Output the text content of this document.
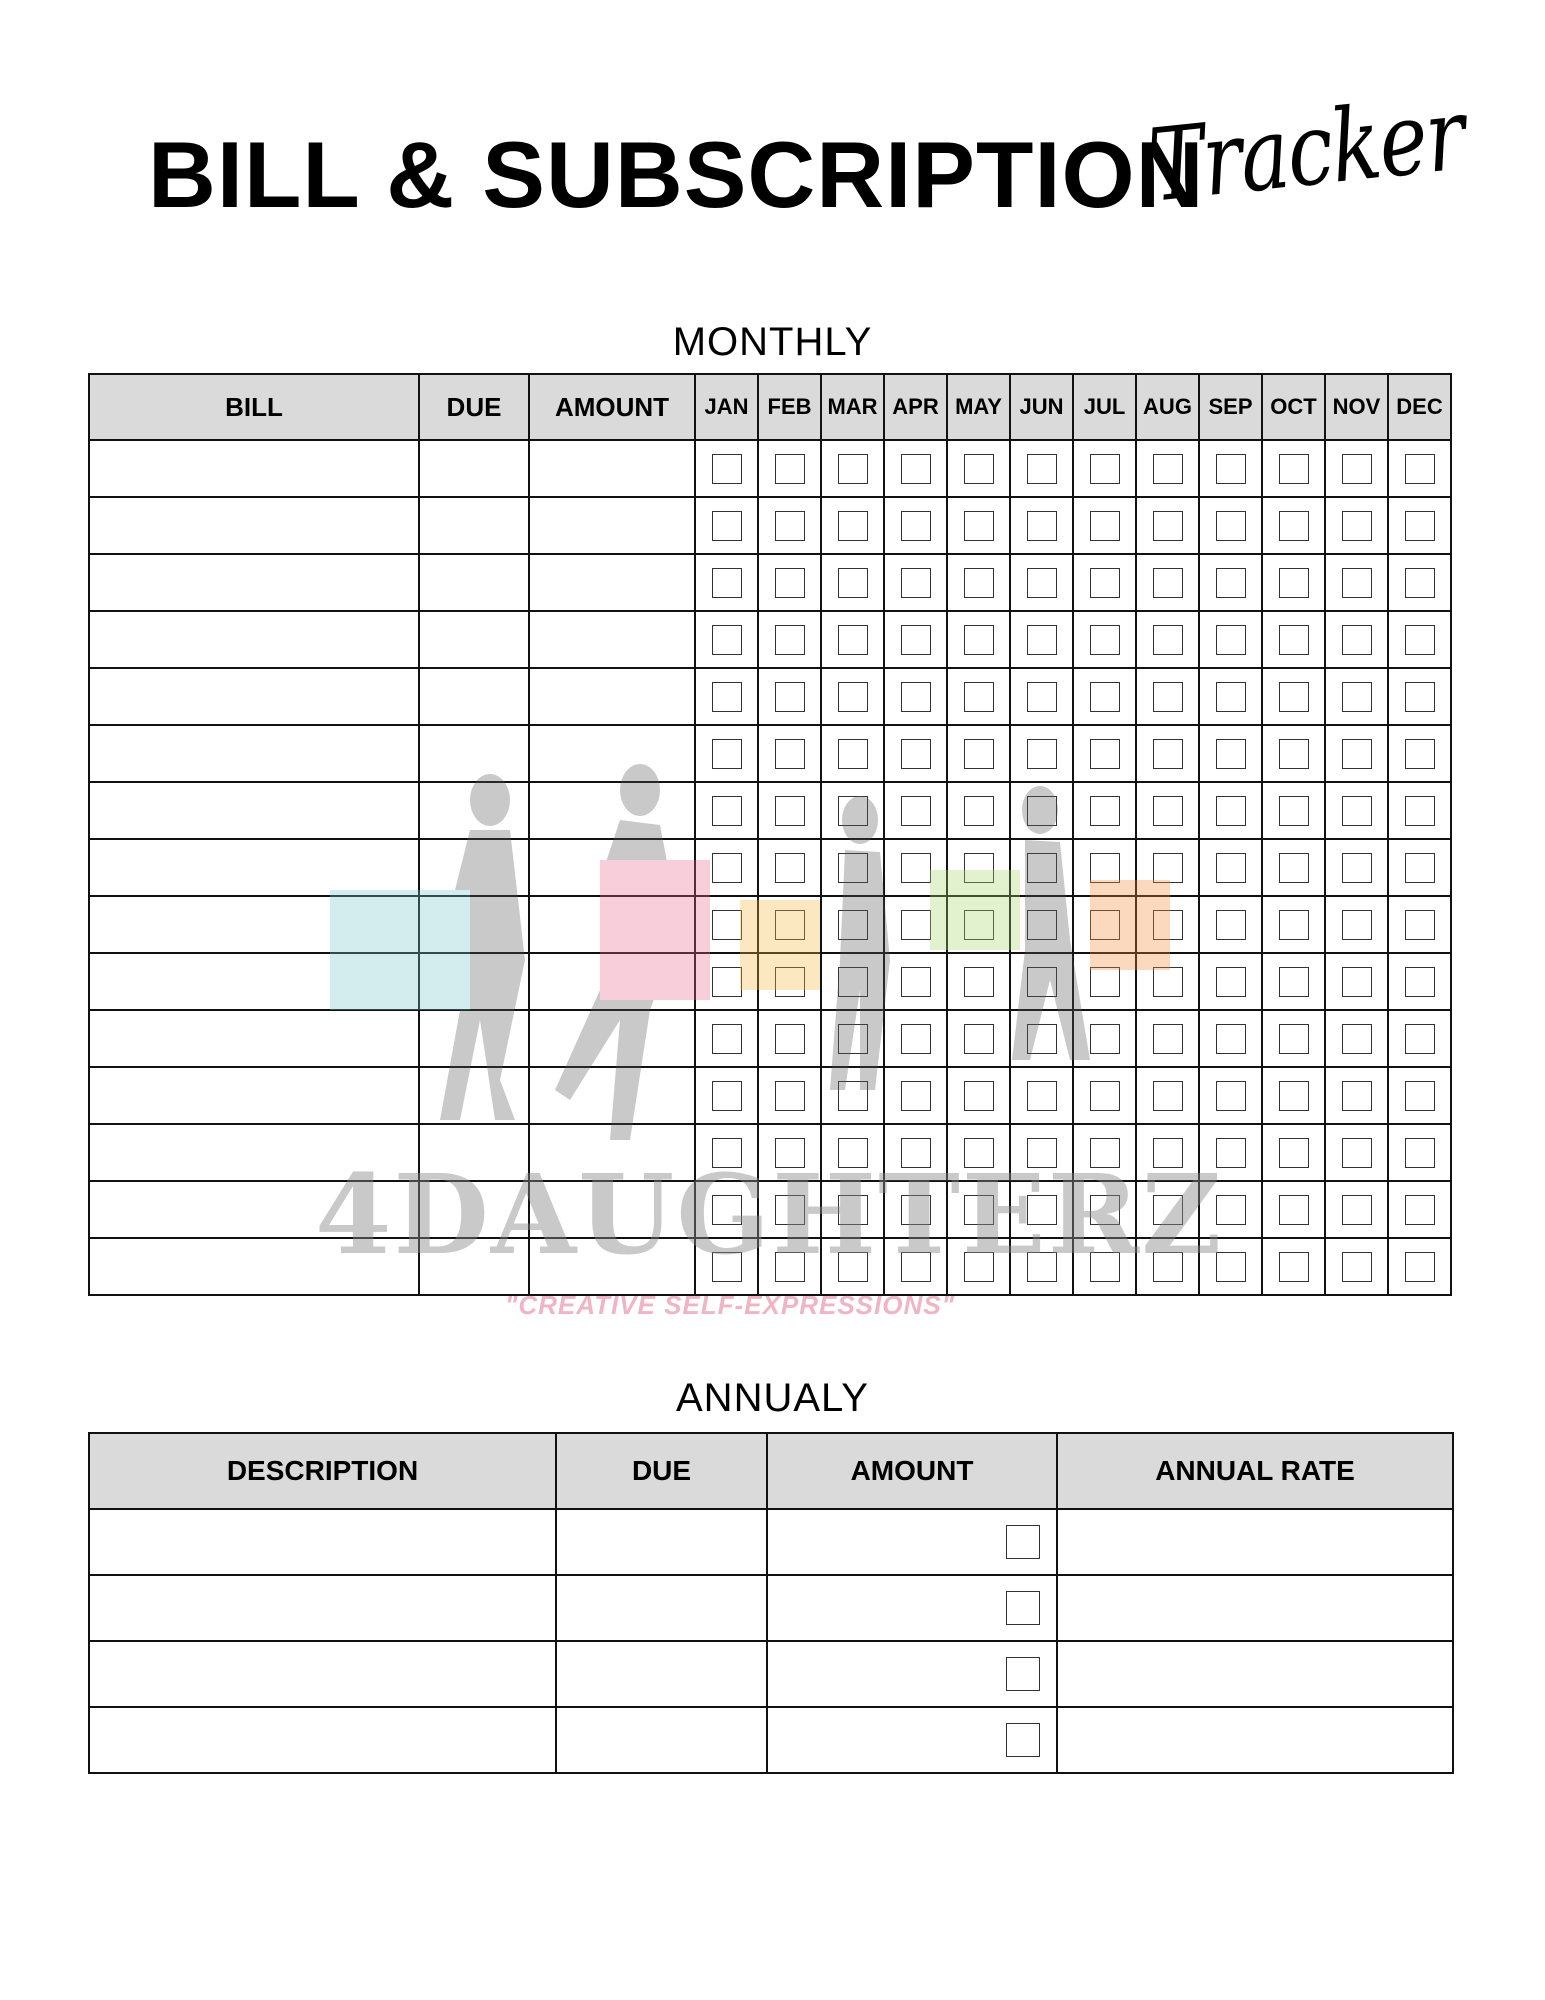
BILL & SUBSCRIPTION
Tracker
MONTHLY
BILL	DUE	AMOUNT	JAN	FEB	MAR	APR	MAY	JUN	JUL	AUG	SEP	OCT	NOV	DEC

ANNUALY
DESCRIPTION	DUE	AMOUNT	ANNUAL RATE

4DAUGHTERZ
"CREATIVE SELF-EXPRESSIONS"
